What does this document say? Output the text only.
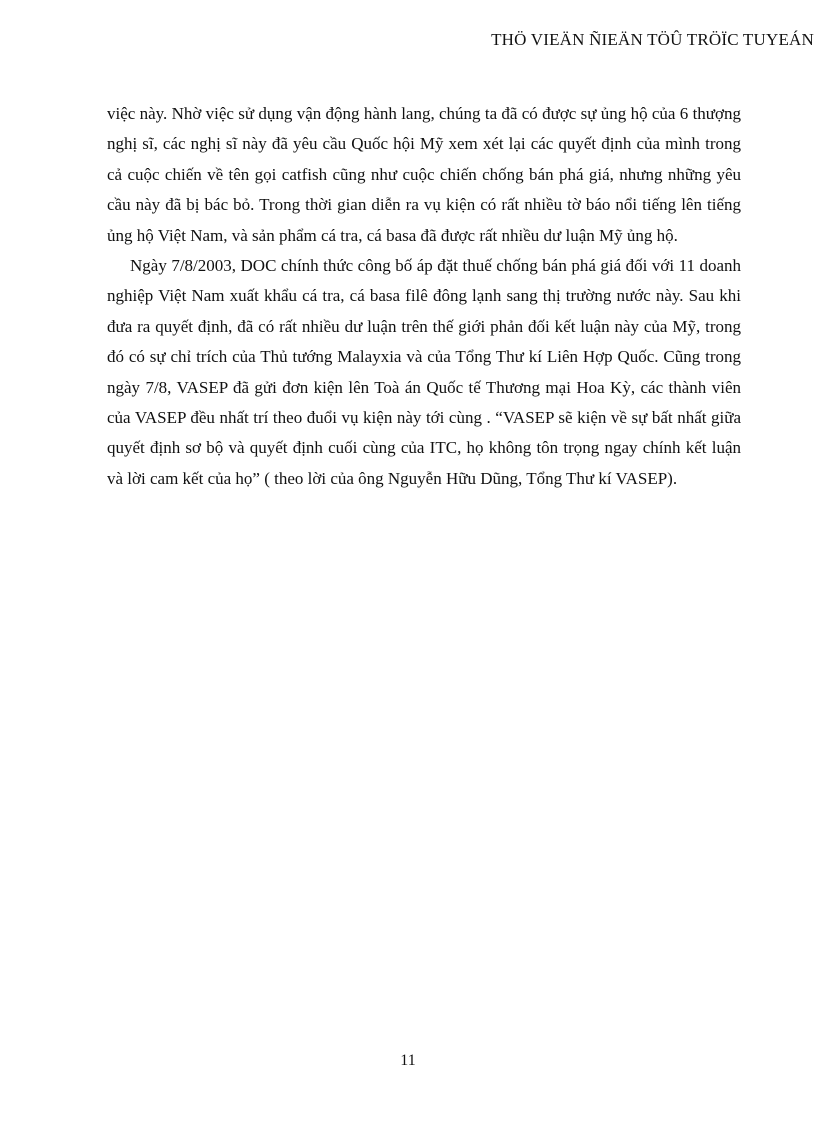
THÖ VIEÄN ÑIEÄN TÖÛ TRÖÏC TUYEÁN

việc này. Nhờ việc sử dụng vận động hành lang, chúng ta đã có được sự ủng hộ của 6 thượng nghị sĩ, các nghị sĩ này đã yêu cầu Quốc hội Mỹ xem xét lại các quyết định của mình trong cả cuộc chiến về tên gọi catfish cũng như cuộc chiến chống bán phá giá, nhưng những yêu cầu này đã bị bác bỏ. Trong thời gian diễn ra vụ kiện có rất nhiều tờ báo nổi tiếng lên tiếng ủng hộ Việt Nam, và sản phẩm cá tra, cá basa đã được rất nhiều dư luận Mỹ ủng hộ.

Ngày 7/8/2003, DOC chính thức công bố áp đặt thuế chống bán phá giá đối với 11 doanh nghiệp Việt Nam xuất khẩu cá tra, cá basa filê đông lạnh sang thị trường nước này. Sau khi đưa ra quyết định, đã có rất nhiều dư luận trên thế giới phản đối kết luận này của Mỹ, trong đó có sự chỉ trích của Thủ tướng Malayxia và của Tổng Thư kí Liên Hợp Quốc. Cũng trong ngày 7/8, VASEP đã gửi đơn kiện lên Toà án Quốc tế Thương mại Hoa Kỳ, các thành viên của VASEP đều nhất trí theo đuổi vụ kiện này tới cùng . “VASEP sẽ kiện về sự bất nhất giữa quyết định sơ bộ và quyết định cuối cùng của ITC, họ không tôn trọng ngay chính kết luận và lời cam kết của họ” ( theo lời của ông Nguyễn Hữu Dũng, Tổng Thư kí VASEP).

11
